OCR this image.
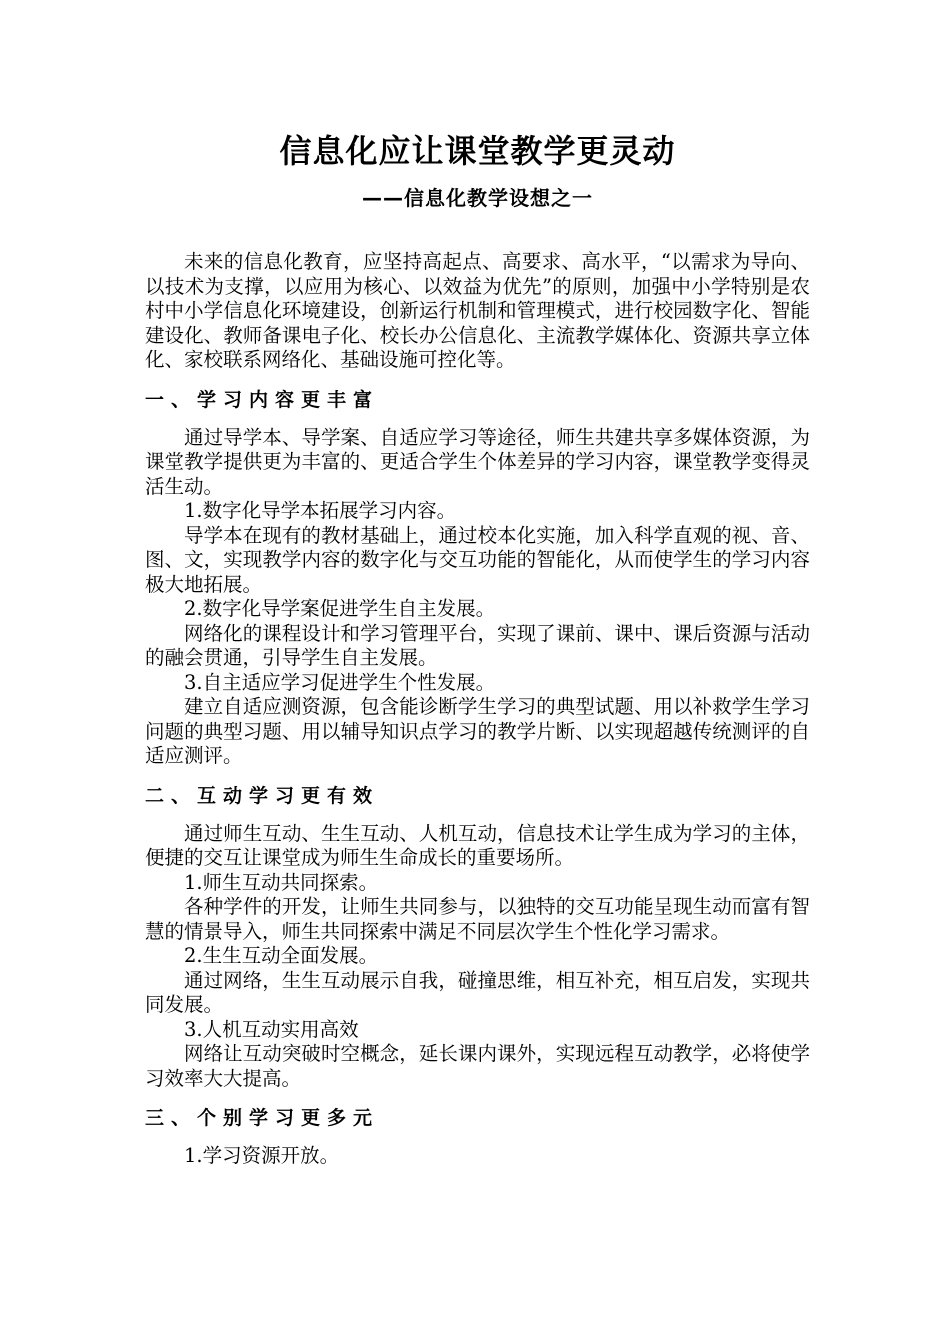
信息化应让课堂教学更灵动
——信息化教学设想之一

未来的信息化教育，应坚持高起点、高要求、高水平，“以需求为导向、以技术为支撑，以应用为核心、以效益为优先”的原则，加强中小学特别是农村中小学信息化环境建设，创新运行机制和管理模式，进行校园数字化、智能建设化、教师备课电子化、校长办公信息化、主流教学媒体化、资源共享立体化、家校联系网络化、基础设施可控化等。

一、学习内容更丰富

通过导学本、导学案、自适应学习等途径，师生共建共享多媒体资源，为课堂教学提供更为丰富的、更适合学生个体差异的学习内容，课堂教学变得灵活生动。

1.数字化导学本拓展学习内容。

导学本在现有的教材基础上，通过校本化实施，加入科学直观的视、音、图、文，实现教学内容的数字化与交互功能的智能化，从而使学生的学习内容极大地拓展。

2.数字化导学案促进学生自主发展。

网络化的课程设计和学习管理平台，实现了课前、课中、课后资源与活动的融会贯通，引导学生自主发展。

3.自主适应学习促进学生个性发展。

建立自适应测资源，包含能诊断学生学习的典型试题、用以补救学生学习问题的典型习题、用以辅导知识点学习的教学片断、以实现超越传统测评的自适应测评。

二、互动学习更有效

通过师生互动、生生互动、人机互动，信息技术让学生成为学习的主体，便捷的交互让课堂成为师生生命成长的重要场所。

1.师生互动共同探索。

各种学件的开发，让师生共同参与，以独特的交互功能呈现生动而富有智慧的情景导入，师生共同探索中满足不同层次学生个性化学习需求。

2.生生互动全面发展。

通过网络，生生互动展示自我，碰撞思维，相互补充，相互启发，实现共同发展。

3.人机互动实用高效

网络让互动突破时空概念，延长课内课外，实现远程互动教学，必将使学习效率大大提高。

三、个别学习更多元

1.学习资源开放。
